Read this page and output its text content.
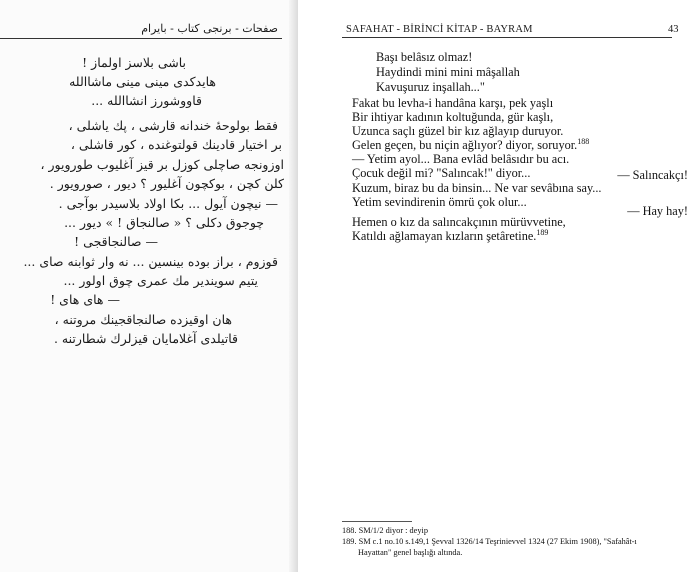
صفحات - برنجى كتاب - بايرام
باشى بلاسز اولماز !
هايدكدى مينى مينى ماشاالله
قاووشورز انشاالله ...
فقط بولوحهٔ خندانه قارشى ، پك ياشلى ،
بر اختيار قادينك قولتوغنده ، كور قاشلى ،
اوزونجه صاچلى كوزل بر قيز آغليوب طورويور ،
كلن كچن ، بوكچون آغليور ؟ ديور ، صورويور .
— نيچون آيول ... بكا اولاد بلاسيدر بوآجى .
چوجوق دكلى ؟ « صالنجاق ! » ديور ...
— صالنجاقجى !
قوزوم ، براز بوده بينسين ... نه وار ثوابنه صاى ...
يتيم سويندير مك عمرى چوق اولور ...
— هاى هاى !
هان اوقيزده صالنجاقجينك مروتنه ،
قاتيلدى آغلامايان قيزلرك شطارتنه .
SAFAHAT - BİRİNCİ KİTAP - BAYRAM	43
Başı belâsız olmaz!
Haydindi mini mini mâşallah
Kavuşuruz inşallah..."
Fakat bu levha-i handâna karşı, pek yaşlı
Bir ihtiyar kadının koltuğunda, gür kaşlı,
Uzunca saçlı güzel bir kız ağlayıp duruyor.
Gelen geçen, bu niçin ağlıyor? diyor, soruyor.$^{188}$
— Yetim ayol... Bana evlâd belâsıdır bu acı.
Çocuk değil mi? "Salıncak!" diyor...	— Salıncakçı!
Kuzum, biraz bu da binsin... Ne var sevâbına say...
Yetim sevindirenin ömrü çok olur...
— Hay hay!
Hemen o kız da salıncakçının mürüvvetine,
Katıldı ağlamayan kızların şetâretine.$^{189}$
188. SM/1/2 diyor : deyip
189. SM c.1 no.10 s.149,1 Şevval 1326/14 Teşrinievvel 1324 (27 Ekim 1908), "Safahât-ı
Hayattan" genel başlığı altında.
